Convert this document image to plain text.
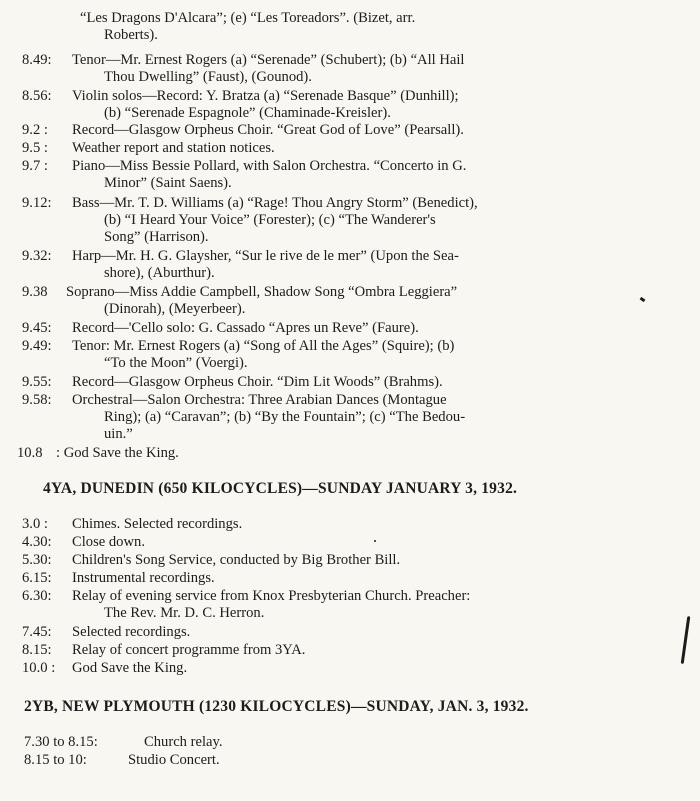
“Les Dragons D'Alcara”; (e) “Les Toreadors”. (Bizet, arr.
Roberts).
8.49: Tenor—Mr. Ernest Rogers (a) “Serenade” (Schubert); (b) “All Hail
Thou Dwelling” (Faust), (Gounod).
8.56: Violin solos—Record: Y. Bratza (a) “Serenade Basque” (Dunhill);
(b) “Serenade Espagnole” (Chaminade-Kreisler).
9.2 : Record—Glasgow Orpheus Choir. “Great God of Love” (Pearsall).
9.5 : Weather report and station notices.
9.7 : Piano—Miss Bessie Pollard, with Salon Orchestra. “Concerto in G.
Minor” (Saint Saens).
9.12: Bass—Mr. T. D. Williams (a) “Rage! Thou Angry Storm” (Benedict),
(b) “I Heard Your Voice” (Forester); (c) “The Wanderer's
Song” (Harrison).
9.32: Harp—Mr. H. G. Glaysher, “Sur le rive de le mer” (Upon the Sea-
shore), (Aburthur).
9.38 Soprano—Miss Addie Campbell, Shadow Song “Ombra Leggiera”
(Dinorah), (Meyerbeer).
9.45: Record—'Cello solo: G. Cassado “Apres un Reve” (Faure).
9.49: Tenor: Mr. Ernest Rogers (a) “Song of All the Ages” (Squire); (b)
“To the Moon” (Voergi).
9.55: Record—Glasgow Orpheus Choir. “Dim Lit Woods” (Brahms).
9.58: Orchestral—Salon Orchestra: Three Arabian Dances (Montague
Ring); (a) “Caravan”; (b) “By the Fountain”; (c) “The Bedou-
uin.”
10.8 : God Save the King.
4YA, DUNEDIN (650 KILOCYCLES)—SUNDAY JANUARY 3, 1932.
3.0 : Chimes. Selected recordings.
4.30: Close down.
5.30: Children's Song Service, conducted by Big Brother Bill.
6.15: Instrumental recordings.
6.30: Relay of evening service from Knox Presbyterian Church. Preacher:
The Rev. Mr. D. C. Herron.
7.45: Selected recordings.
8.15: Relay of concert programme from 3YA.
10.0 : God Save the King.
2YB, NEW PLYMOUTH (1230 KILOCYCLES)—SUNDAY, JAN. 3, 1932.
7.30 to 8.15:	Church relay.
8.15 to 10:	Studio Concert.
